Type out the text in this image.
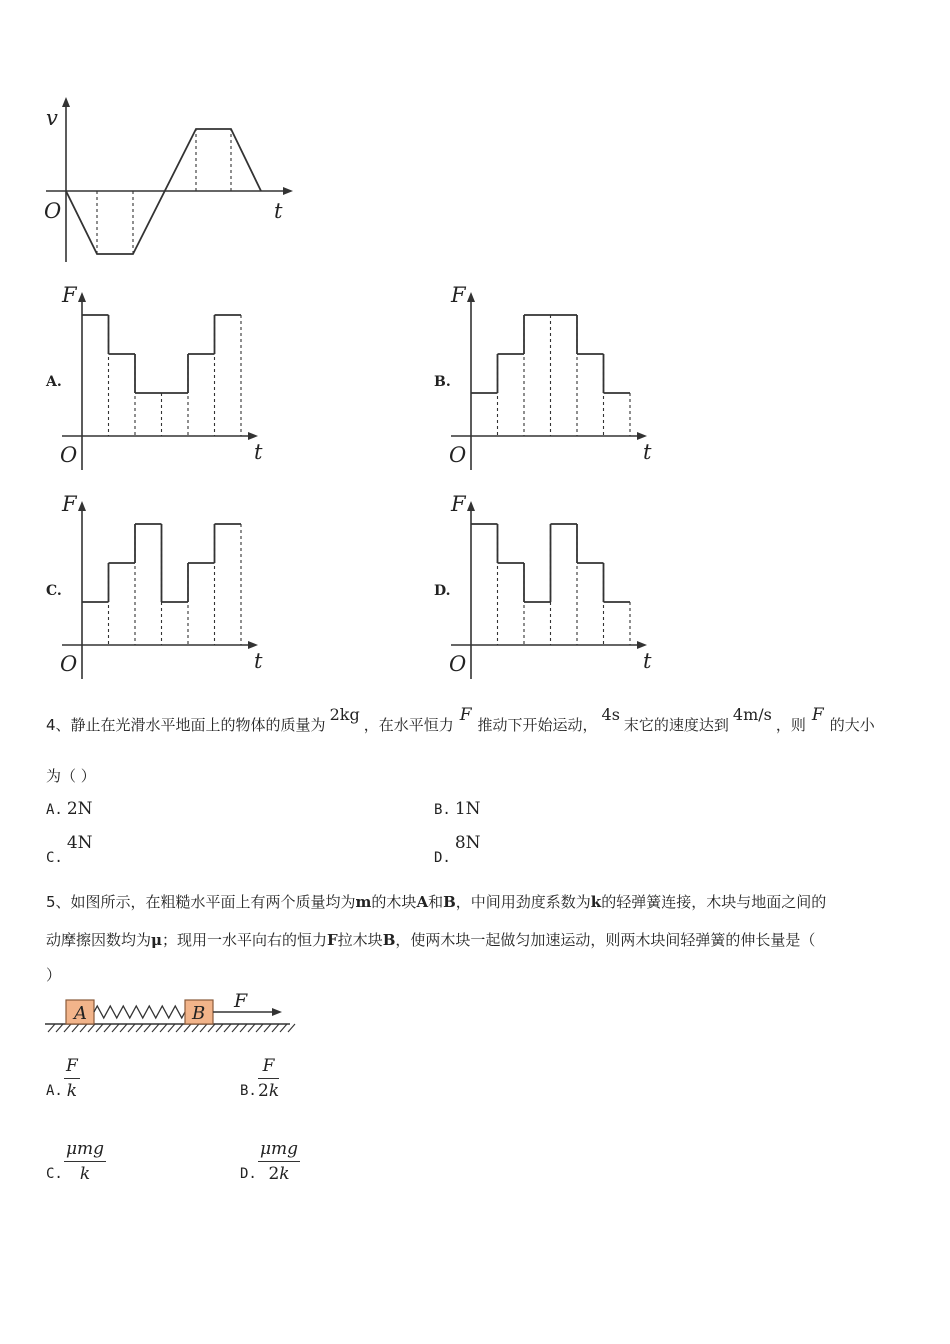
v
t
O
A.
F
t
O
B.
F
t
O
C.
F
t
O
D.
F
t
O
4、静止在光滑水平地面上的物体的质量为2kg，在水平恒力 F 推动下开始运动，4s末它的速度达到4m/s，则 F 的大小
为（ ）
A. 2N	B. 1N
C.4N
D.8N
5、如图所示，在粗糙水平面上有两个质量均为m的木块A和B，中间用劲度系数为k的轻弹簧连接，木块与地面之间的
动摩擦因数均为μ；现用一水平向右的恒力F拉木块B，使两木块一起做匀加速运动，则两木块间轻弹簧的伸长量是（
）
A	B
F
A. $\frac{F}{k}$	B. $\frac{F}{2k}$
C.
μmg
k	D.
μmg
2k
